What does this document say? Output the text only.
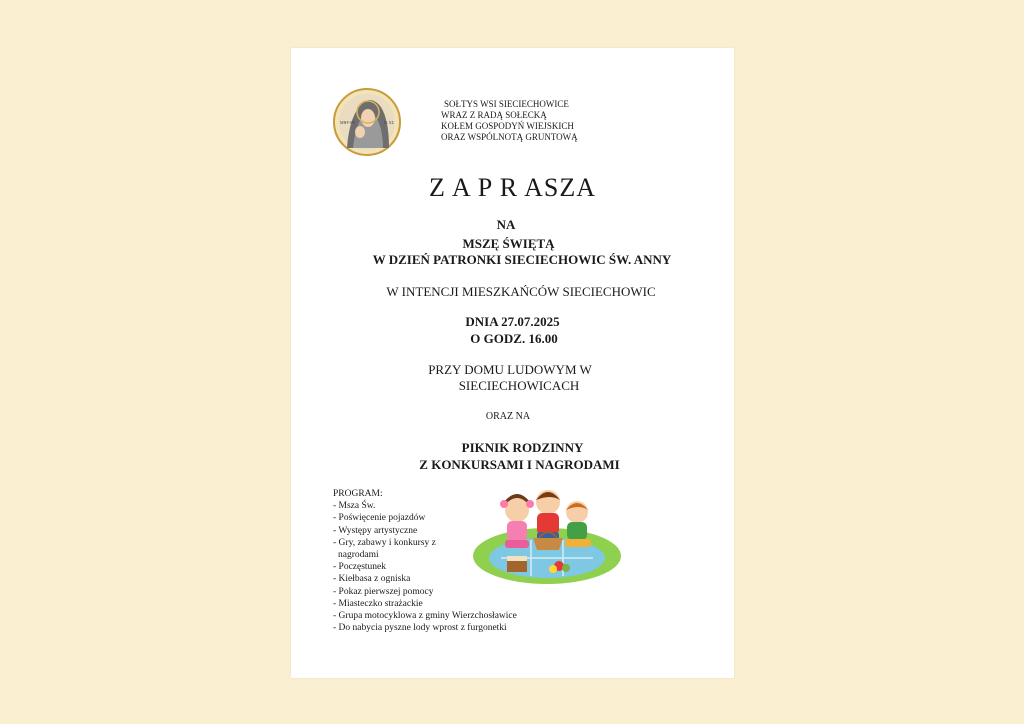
ΜΗΡ ΘΥ	ΙΣ ΧΣ
SOŁTYS WSI SIECIECHOWICE
WRAZ Z RADĄ SOŁECKĄ
KOŁEM GOSPODYŃ WIEJSKICH
ORAZ WSPÓLNOTĄ GRUNTOWĄ
Z A P R ASZA
NA
MSZĘ ŚWIĘTĄ
W DZIEŃ PATRONKI SIECIECHOWIC ŚW. ANNY
W INTENCJI MIESZKAŃCÓW SIECIECHOWIC
DNIA 27.07.2025
O GODZ. 16.00
PRZY DOMU LUDOWYM W
SIECIECHOWICACH
ORAZ NA
PIKNIK RODZINNY
Z KONKURSAMI I NAGRODAMI
PROGRAM:
- Msza Św.
- Poświęcenie pojazdów
- Występy artystyczne
- Gry, zabawy i konkursy z
nagrodami
- Poczęstunek
- Kiełbasa z ogniska
- Pokaz pierwszej pomocy
- Miasteczko strażackie
- Grupa motocyklowa z gminy Wierzchosławice
- Do nabycia pyszne lody wprost z furgonetki
